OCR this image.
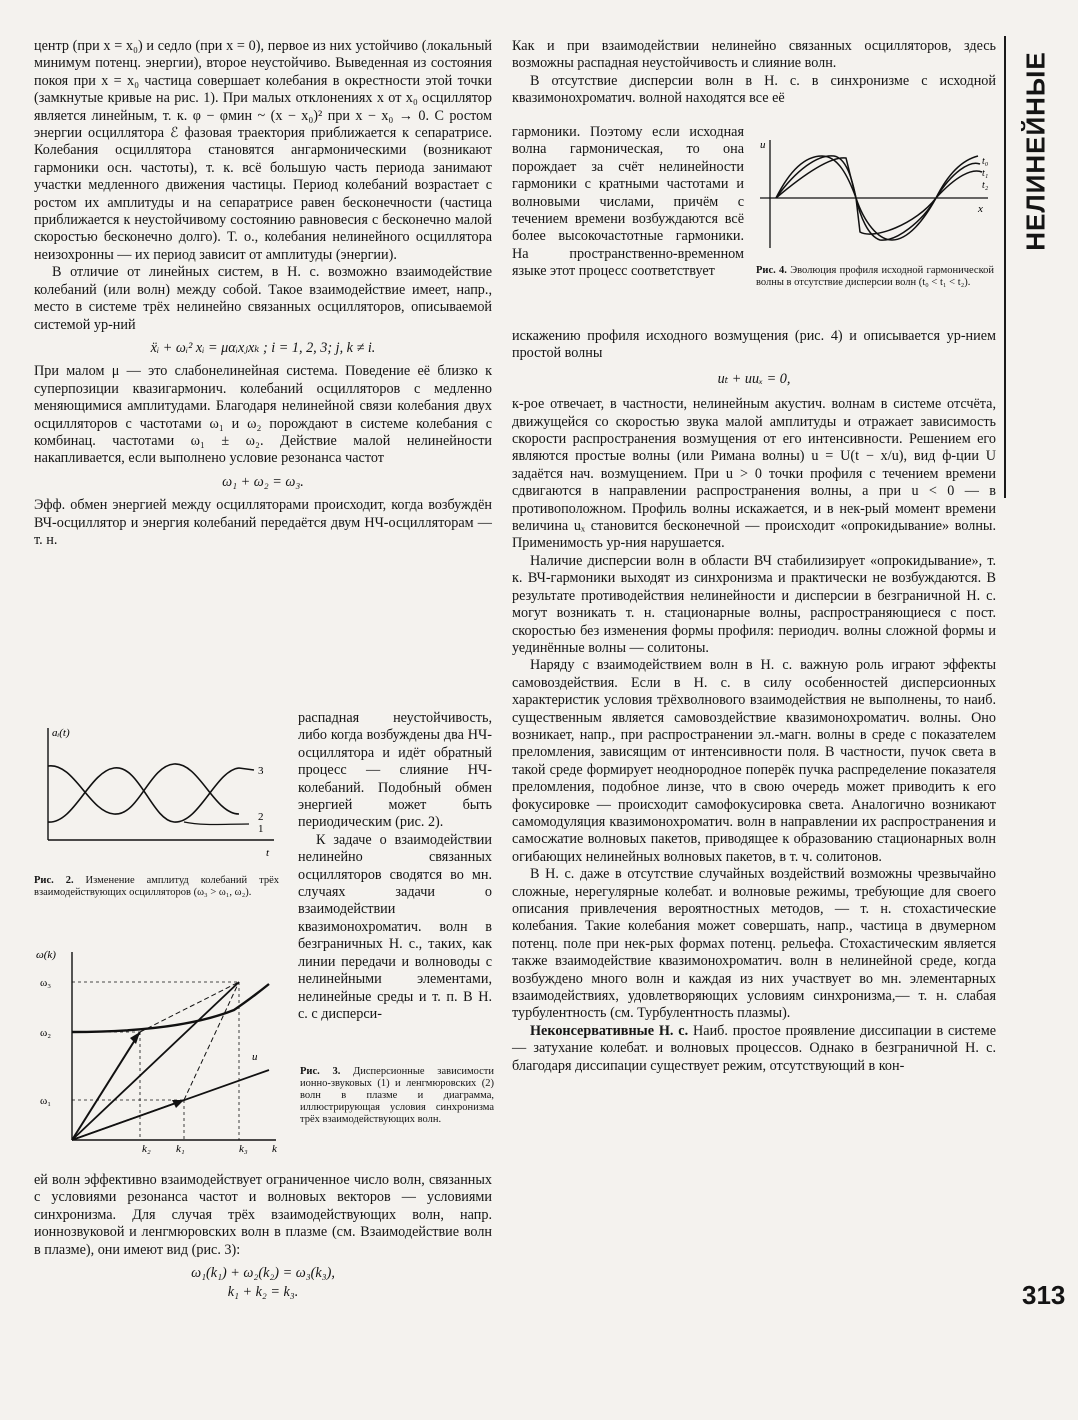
НЕЛИНЕЙНЫЕ
313

центр (при x = x₀) и седло (при x = 0), первое из них устойчиво (локальный минимум потенц. энергии), второе неустойчиво. Выведенная из состояния покоя при x = x₀ частица совершает колебания в окрестности этой точки (замкнутые кривые на рис. 1). При малых отклонениях x от x₀ осциллятор является линейным, т. к. φ − φмин ~ (x − x₀)² при x − x₀ → 0. С ростом энергии осциллятора ℰ фазовая траектория приближается к сепаратрисе. Колебания осциллятора становятся ангармоническими (возникают гармоники осн. частоты), т. к. всё большую часть периода занимают участки медленного движения частицы. Период колебаний возрастает с ростом их амплитуды и на сепаратрисе равен бесконечности (частица приближается к неустойчивому состоянию равновесия с бесконечно малой скоростью бесконечно долго). Т. о., колебания нелинейного осциллятора неизохронны — их период зависит от амплитуды (энергии).

В отличие от линейных систем, в Н. с. возможно взаимодействие колебаний (или волн) между собой. Такое взаимодействие имеет, напр., место в системе трёх нелинейно связанных осцилляторов, описываемой системой ур-ний

ẍᵢ + ωᵢ² xᵢ = μαᵢxⱼxₖ ; i = 1, 2, 3; j, k ≠ i.

При малом μ — это слабонелинейная система. Поведение её близко к суперпозиции квазигармонич. колебаний осцилляторов с медленно меняющимися амплитудами. Благодаря нелинейной связи колебания двух осцилляторов с частотами ω₁ и ω₂ порождают в системе колебания с комбинац. частотами ω₁ ± ω₂. Действие малой нелинейности накапливается, если выполнено условие резонанса частот

ω₁ + ω₂ = ω₃.

Эфф. обмен энергией между осцилляторами происходит, когда возбуждён ВЧ-осциллятор и энергия колебаний передаётся двум НЧ-осцилляторам — т. н.

распадная неустойчивость, либо когда возбуждены два НЧ-осциллятора и идёт обратный процесс — слияние НЧ-колебаний. Подобный обмен энергией может быть периодическим (рис. 2).
К задаче о взаимодействии нелинейно связанных осцилляторов сводятся во мн. случаях задачи о взаимодействии квазимонохроматич. волн в безграничных Н. с., таких, как линии передачи и волноводы с нелинейными элементами, нелинейные среды и т. п. В Н. с. с дисперси-
aᵢ(t)
t
3
2
1
Рис. 2. Изменение амплитуд колебаний трёх взаимодействующих осцилляторов (ω₃ > ω₁, ω₂).
ω(k)
k
ω₃
ω₂
ω₁
k₂ k₁	k₃
u
Рис. 3. Дисперсионные зависимости ионно-звуковых (1) и ленгмюровских (2) волн в плазме и диаграмма, иллюстрирующая условия синхронизма трёх взаимодействующих волн.

ей волн эффективно взаимодействует ограниченное число волн, связанных с условиями резонанса частот и волновых векторов — условиями синхронизма. Для случая трёх взаимодействующих волн, напр. ионнозвуковой и ленгмюровских волн в плазме (см. Взаимодействие волн в плазме), они имеют вид (рис. 3):

ω₁(k₁) + ω₂(k₂) = ω₃(k₃),
k₁ + k₂ = k₃.

Как и при взаимодействии нелинейно связанных осцилляторов, здесь возможны распадная неустойчивость и слияние волн.

В отсутствие дисперсии волн в Н. с. в синхронизме с исходной квазимонохроматич. волной находятся все её

гармоники. Поэтому если исходная волна гармоническая, то она порождает за счёт нелинейности гармоники с кратными частотами и волновыми числами, причём с течением времени возбуждаются всё более высокочастотные гармоники. На пространственно-временном языке этот процесс соответствует
u
x
t₀
t₁
t₂
Рис. 4. Эволюция профиля исходной гармонической волны в отсутствие дисперсии волн (t₀ < t₁ < t₂).

искажению профиля исходного возмущения (рис. 4) и описывается ур-нием простой волны

uₜ + uuₓ = 0,

к-рое отвечает, в частности, нелинейным акустич. волнам в системе отсчёта, движущейся со скоростью звука малой амплитуды и отражает зависимость скорости распространения возмущения от его интенсивности. Решением его являются простые волны (или Римана волны) u = U(t − x/u), вид ф-ции U задаётся нач. возмущением. При u > 0 точки профиля с течением времени сдвигаются в направлении распространения волны, а при u < 0 — в противоположном. Профиль волны искажается, и в нек-рый момент времени величина uₓ становится бесконечной — происходит «опрокидывание» волны. Применимость ур-ния нарушается.

Наличие дисперсии волн в области ВЧ стабилизирует «опрокидывание», т. к. ВЧ-гармоники выходят из синхронизма и практически не возбуждаются. В результате противодействия нелинейности и дисперсии в безграничной Н. с. могут возникать т. н. стационарные волны, распространяющиеся с пост. скоростью без изменения формы профиля: периодич. волны сложной формы и уединённые волны — солитоны.

Наряду с взаимодействием волн в Н. с. важную роль играют эффекты самовоздействия. Если в Н. с. в силу особенностей дисперсионных характеристик условия трёхволнового взаимодействия не выполнены, то наиб. существенным является самовоздействие квазимонохроматич. волны. Оно возникает, напр., при распространении эл.-магн. волны в среде с показателем преломления, зависящим от интенсивности поля. В частности, пучок света в такой среде формирует неоднородное поперёк пучка распределение показателя преломления, подобное линзе, что в свою очередь может приводить к его фокусировке — происходит самофокусировка света. Аналогично возникают самомодуляция квазимонохроматич. волн в направлении их распространения и самосжатие волновых пакетов, приводящее к образованию стационарных волн огибающих нелинейных волновых пакетов, в т. ч. солитонов.

В Н. с. даже в отсутствие случайных воздействий возможны чрезвычайно сложные, нерегулярные колебат. и волновые режимы, требующие для своего описания привлечения вероятностных методов, — т. н. стохастические колебания. Такие колебания может совершать, напр., частица в двумерном потенц. поле при нек-рых формах потенц. рельефа. Стохастическим является также взаимодействие квазимонохроматич. волн в нелинейной среде, когда возбуждено много волн и каждая из них участвует во мн. элементарных взаимодействиях, удовлетворяющих условиям синхронизма,— т. н. слабая турбулентность (см. Турбулентность плазмы).

Неконсервативные Н. с. Наиб. простое проявление диссипации в системе — затухание колебат. и волновых процессов. Однако в безграничной Н. с. благодаря диссипации существует режим, отсутствующий в кон-
